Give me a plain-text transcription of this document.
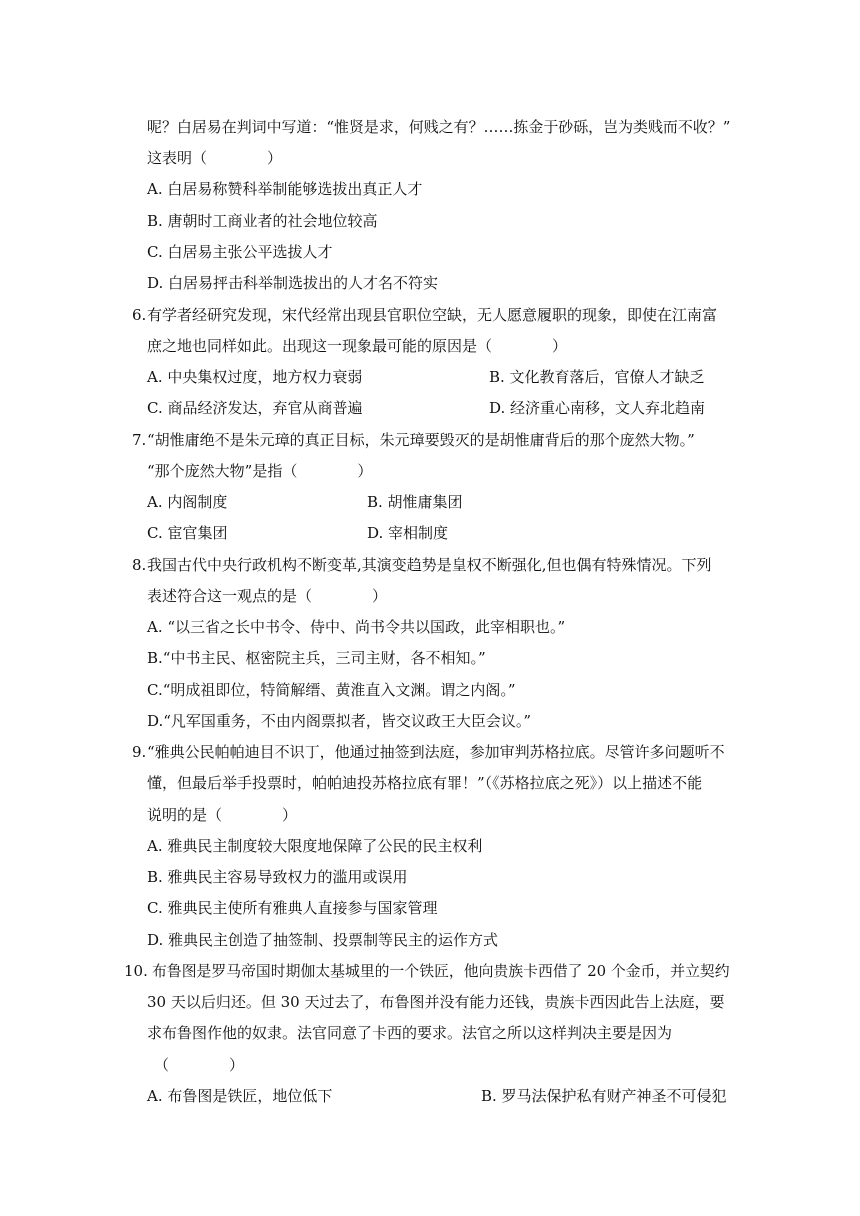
呢？白居易在判词中写道：“惟贤是求，何贱之有？……拣金于砂砾，岂为类贱而不收？”
这表明（　　　　）
A. 白居易称赞科举制能够选拔出真正人才
B. 唐朝时工商业者的社会地位较高
C. 白居易主张公平选拔人才
D. 白居易抨击科举制选拔出的人才名不符实
6. 有学者经研究发现，宋代经常出现县官职位空缺，无人愿意履职的现象，即使在江南富
庶之地也同样如此。出现这一现象最可能的原因是（　　　　）
A. 中央集权过度，地方权力衰弱	B. 文化教育落后，官僚人才缺乏
C. 商品经济发达，弃官从商普遍	D. 经济重心南移，文人弃北趋南
7. “胡惟庸绝不是朱元璋的真正目标，朱元璋要毁灭的是胡惟庸背后的那个庞然大物。”
“那个庞然大物”是指（　　　　）
A. 内阁制度	B. 胡惟庸集团
C. 宦官集团	D. 宰相制度
8. 我国古代中央行政机构不断变革,其演变趋势是皇权不断强化,但也偶有特殊情况。下列
表述符合这一观点的是（　　　　）
A. “以三省之长中书令、侍中、尚书令共以国政，此宰相职也。”
B.“中书主民、枢密院主兵，三司主财，各不相知。”
C.“明成祖即位，特简解缙、黄淮直入文渊。谓之内阁。”
D.“凡军国重务，不由内阁票拟者，皆交议政王大臣会议。”
9. “雅典公民帕帕迪目不识丁，他通过抽签到法庭，参加审判苏格拉底。尽管许多问题听不
懂，但最后举手投票时，帕帕迪投苏格拉底有罪！”（《苏格拉底之死》）以上描述不能
说明的是（　　　　）
A. 雅典民主制度较大限度地保障了公民的民主权利
B. 雅典民主容易导致权力的滥用或误用
C. 雅典民主使所有雅典人直接参与国家管理
D. 雅典民主创造了抽签制、投票制等民主的运作方式
10. 布鲁图是罗马帝国时期伽太基城里的一个铁匠，他向贵族卡西借了 20 个金币，并立契约
30 天以后归还。但 30 天过去了，布鲁图并没有能力还钱，贵族卡西因此告上法庭，要
求布鲁图作他的奴隶。法官同意了卡西的要求。法官之所以这样判决主要是因为
（　　　　）
A. 布鲁图是铁匠，地位低下	B. 罗马法保护私有财产神圣不可侵犯
